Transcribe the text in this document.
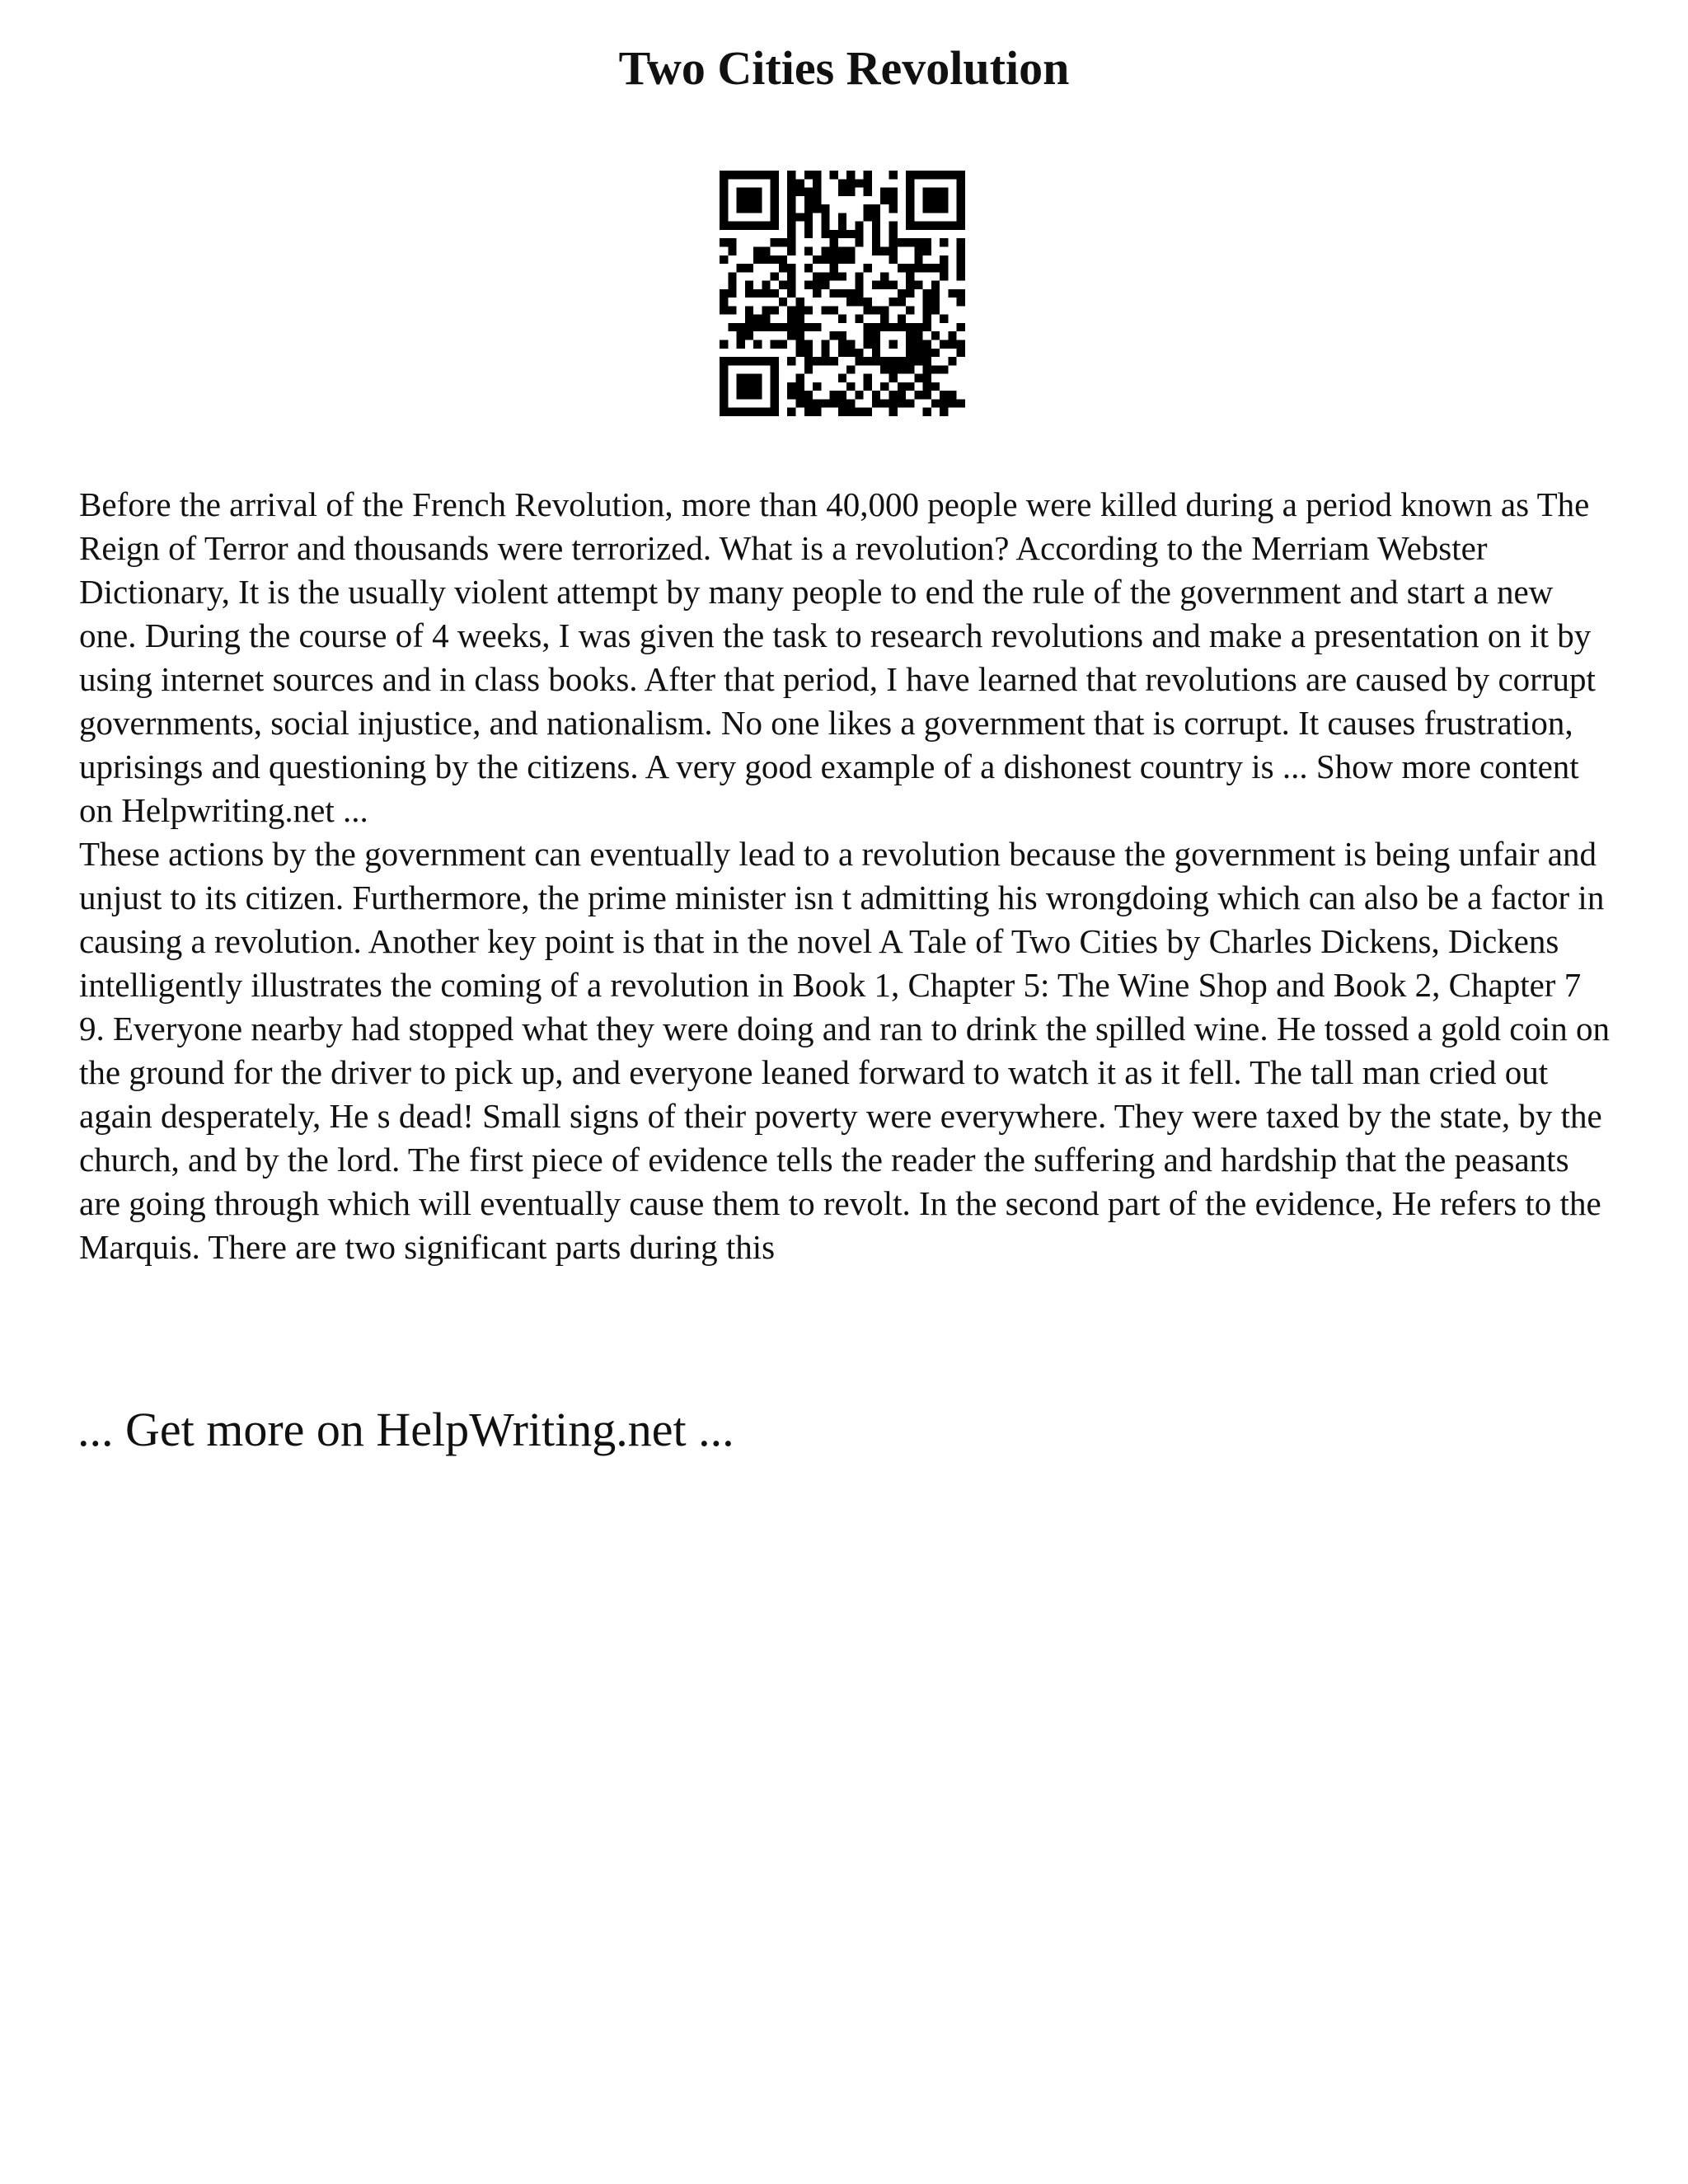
Two Cities Revolution

Before the arrival of the French Revolution, more than 40,000 people were killed during a period known as The Reign of Terror and thousands were terrorized. What is a revolution? According to the Merriam Webster Dictionary, It is the usually violent attempt by many people to end the rule of the government and start a new one. During the course of 4 weeks, I was given the task to research revolutions and make a presentation on it by using internet sources and in class books. After that period, I have learned that revolutions are caused by corrupt governments, social injustice, and nationalism. No one likes a government that is corrupt. It causes frustration, uprisings and questioning by the citizens. A very good example of a dishonest country is ... Show more content on Helpwriting.net ...

These actions by the government can eventually lead to a revolution because the government is being unfair and unjust to its citizen. Furthermore, the prime minister isn t admitting his wrongdoing which can also be a factor in causing a revolution. Another key point is that in the novel A Tale of Two Cities by Charles Dickens, Dickens intelligently illustrates the coming of a revolution in Book 1, Chapter 5: The Wine Shop and Book 2, Chapter 7 9. Everyone nearby had stopped what they were doing and ran to drink the spilled wine. He tossed a gold coin on the ground for the driver to pick up, and everyone leaned forward to watch it as it fell. The tall man cried out again desperately, He s dead! Small signs of their poverty were everywhere. They were taxed by the state, by the church, and by the lord. The first piece of evidence tells the reader the suffering and hardship that the peasants are going through which will eventually cause them to revolt. In the second part of the evidence, He refers to the Marquis. There are two significant parts during this

... Get more on HelpWriting.net ...
